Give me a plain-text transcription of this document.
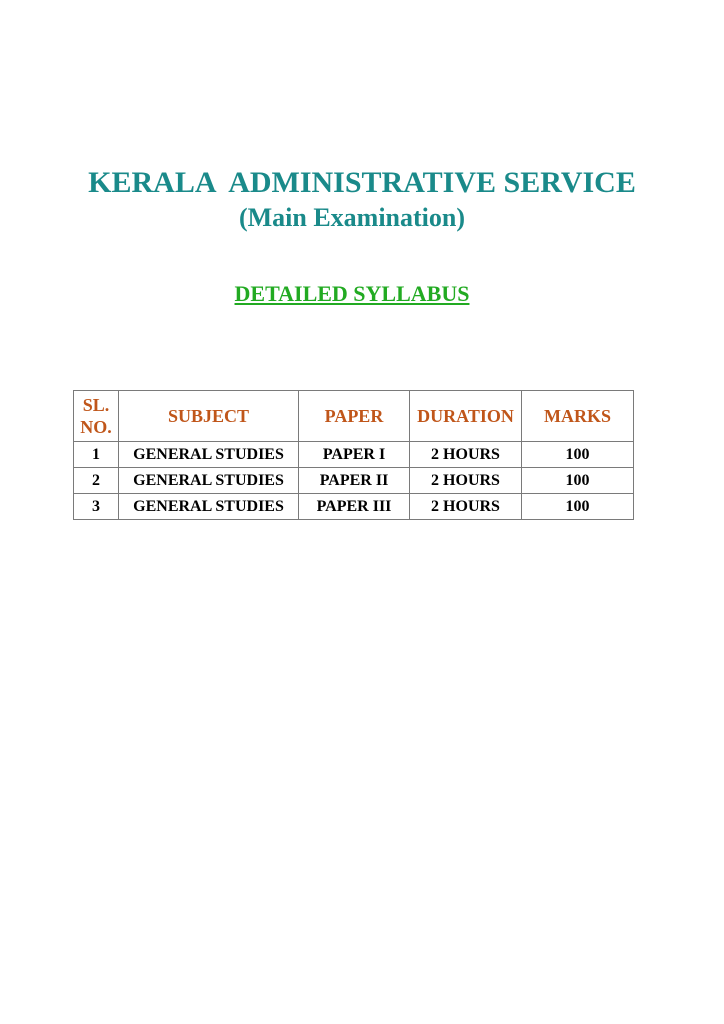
KERALA  ADMINISTRATIVE SERVICE
(Main Examination)
DETAILED SYLLABUS
SL. NO.	SUBJECT	PAPER	DURATION	MARKS
1	GENERAL STUDIES	PAPER I	2 HOURS	100
2	GENERAL STUDIES	PAPER II	2 HOURS	100
3	GENERAL STUDIES	PAPER III	2 HOURS	100
